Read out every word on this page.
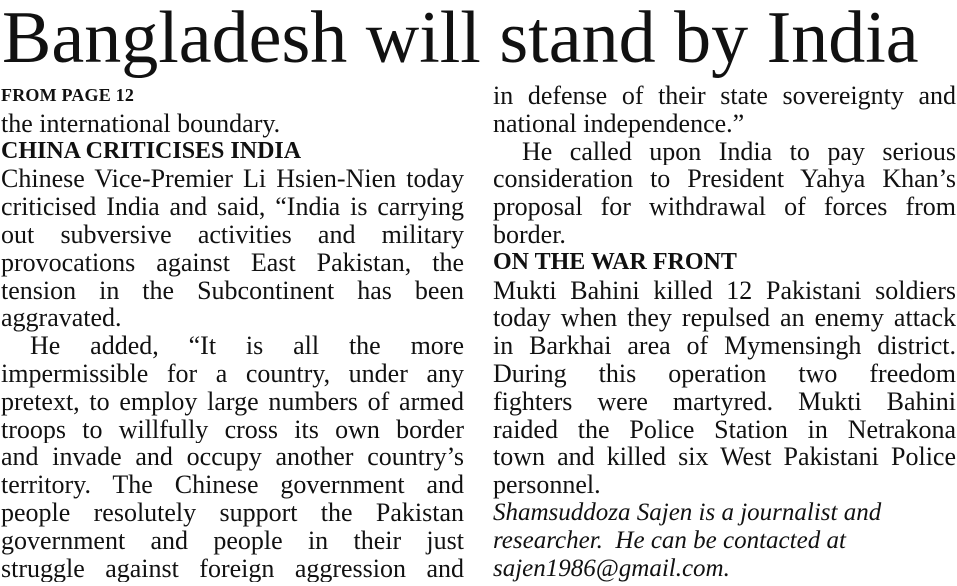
Bangladesh will stand by India
FROM PAGE 12
the international boundary.
CHINA CRITICISES INDIA
Chinese Vice-Premier Li Hsien-Nien today
criticised India and said, “India is carrying
out subversive activities and military
provocations against East Pakistan, the
tension in the Subcontinent has been
aggravated.
He added, “It is all the more
impermissible for a country, under any
pretext, to employ large numbers of armed
troops to willfully cross its own border
and invade and occupy another country’s
territory. The Chinese government and
people resolutely support the Pakistan
government and people in their just
struggle against foreign aggression and
in defense of their state sovereignty and
national independence.”
He called upon India to pay serious
consideration to President Yahya Khan’s
proposal for withdrawal of forces from
border.
ON THE WAR FRONT
Mukti Bahini killed 12 Pakistani soldiers
today when they repulsed an enemy attack
in Barkhai area of Mymensingh district.
During this operation two freedom
fighters were martyred. Mukti Bahini
raided the Police Station in Netrakona
town and killed six West Pakistani Police
personnel.
Shamsuddoza Sajen is a journalist and
researcher.  He can be contacted at
sajen1986@gmail.com.
